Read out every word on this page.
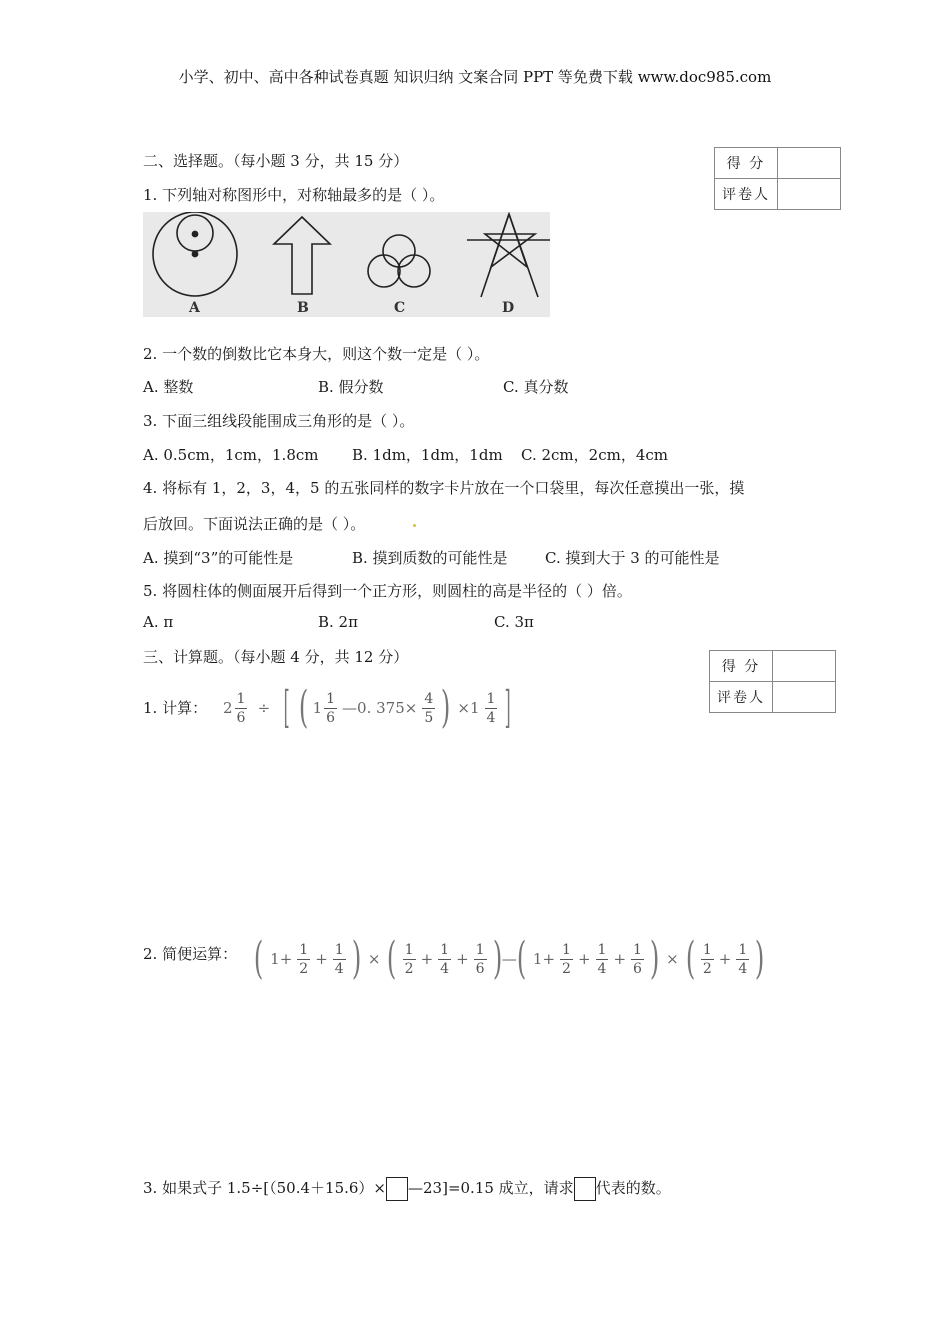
小学、初中、高中各种试卷真题 知识归纳 文案合同 PPT 等免费下载 www.doc985.com
二、选择题。（每小题 3 分，共 15 分）	得 分	
评卷人	
1. 下列轴对称图形中，对称轴最多的是（ ）。
A	B	C	D
2. 一个数的倒数比它本身大，则这个数一定是（ ）。
A. 整数	B. 假分数	C. 真分数
3. 下面三组线段能围成三角形的是（ ）。
A. 0.5cm，1cm，1.8cm B. 1dm，1dm，1dm C. 2cm，2cm，4cm
4. 将标有 1，2，3，4，5 的五张同样的数字卡片放在一个口袋里，每次任意摸出一张，摸
后放回。下面说法正确的是（ ）。
A. 摸到“3”的可能性是	B. 摸到质数的可能性是 C. 摸到大于 3 的可能性是
5. 将圆柱体的侧面展开后得到一个正方形，则圆柱的高是半径的（ ）倍。
A. π	B. 2π	C. 3π
三、计算题。（每小题 4 分，共 12 分）
得 分	
评卷人	
1. 计算： $2 \frac{1}{6}$ ÷ [ ( $1 \frac{1}{6}$ —0. $375\times \frac{4}{5}$ ) $\times 1 \frac{1}{4}$ ]
2. 简便运算： ( $1+ \frac{1}{2} + \frac{1}{4}$ ) × ( $\frac{1}{2} + \frac{1}{4} + \frac{1}{6}$ )—( $1+ \frac{1}{2} + \frac{1}{4} + \frac{1}{6}$ ) × ( $\frac{1}{2} + \frac{1}{4}$ )
3. 如果式子 1.5÷[（50.4＋15.6）× —23]=0.15 成立，请求 代表的数。
